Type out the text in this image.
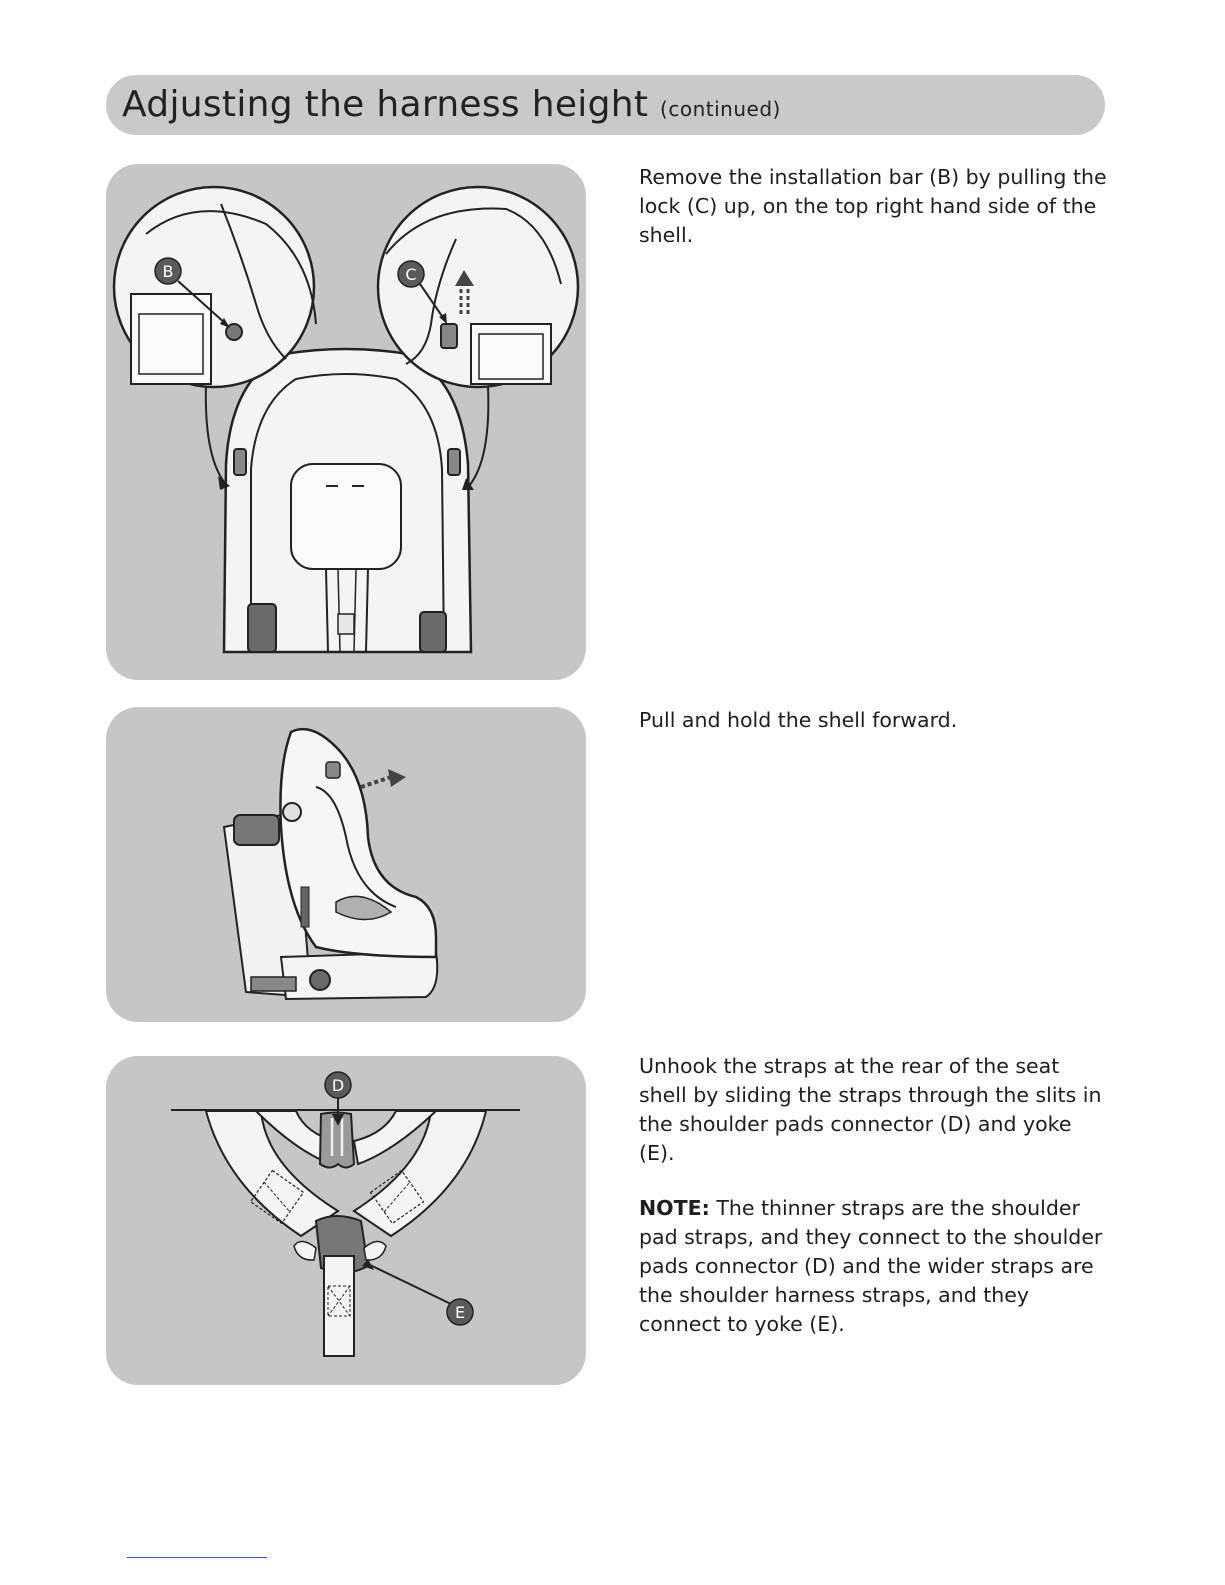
Adjusting the harness height (continued)
B	C

Remove the installation bar (B) by pulling the lock (C) up, on the top right hand side of the shell.

Pull and hold the shell forward.

D
E

Unhook the straps at the rear of the seat shell by sliding the straps through the slits in the shoulder pads connector (D) and yoke (E).

NOTE: The thinner straps are the shoulder pad straps, and they connect to the shoulder pads connector (D) and the wider straps are the shoulder harness straps, and they connect to yoke (E).
